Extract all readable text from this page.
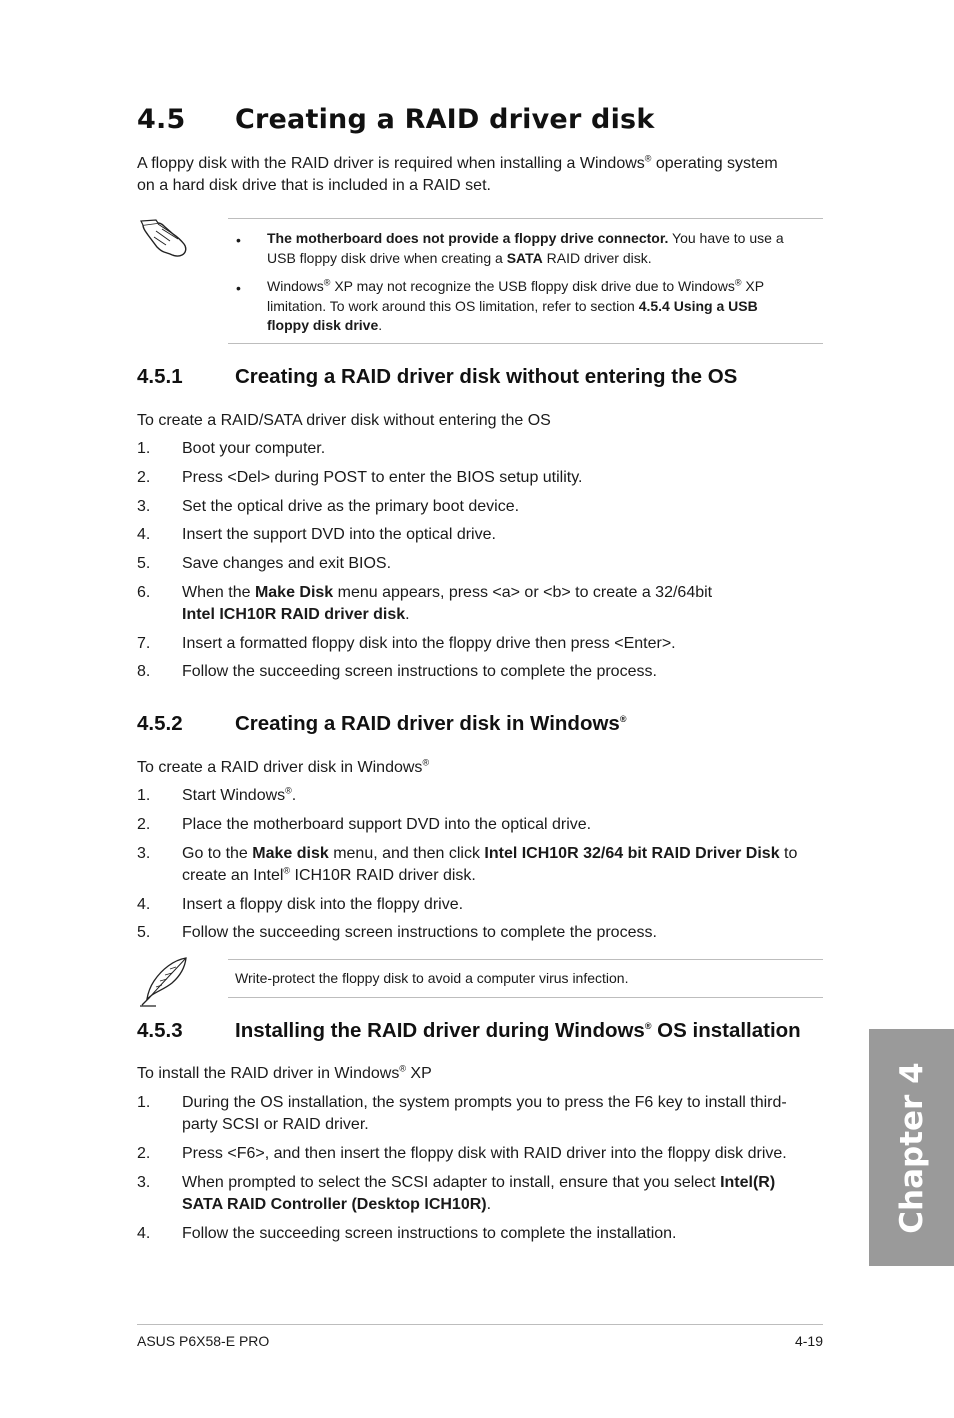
4.5 Creating a RAID driver disk
A floppy disk with the RAID driver is required when installing a Windows® operating system
on a hard disk drive that is included in a RAID set.
• The motherboard does not provide a floppy drive connector. You have to use a
USB floppy disk drive when creating a SATA RAID driver disk.
• Windows® XP may not recognize the USB floppy disk drive due to Windows® XP
limitation. To work around this OS limitation, refer to section 4.5.4 Using a USB
floppy disk drive.
4.5.1	Creating a RAID driver disk without entering the OS
To create a RAID/SATA driver disk without entering the OS
1. Boot your computer.
2. Press <Del> during POST to enter the BIOS setup utility.
3. Set the optical drive as the primary boot device.
4. Insert the support DVD into the optical drive.
5. Save changes and exit BIOS.
6. When the Make Disk menu appears, press <a> or <b> to create a 32/64bit
Intel ICH10R RAID driver disk.
7. Insert a formatted floppy disk into the floppy drive then press <Enter>.
8. Follow the succeeding screen instructions to complete the process.
4.5.2	Creating a RAID driver disk in Windows®
To create a RAID driver disk in Windows®
1. Start Windows®.
2. Place the motherboard support DVD into the optical drive.
3. Go to the Make disk menu, and then click Intel ICH10R 32/64 bit RAID Driver Disk to
create an Intel® ICH10R RAID driver disk.
4. Insert a floppy disk into the floppy drive.
5. Follow the succeeding screen instructions to complete the process.
Write-protect the floppy disk to avoid a computer virus infection.
4.5.3	Installing the RAID driver during Windows® OS installation
To install the RAID driver in Windows® XP
1. During the OS installation, the system prompts you to press the F6 key to install third-
party SCSI or RAID driver.
2. Press <F6>, and then insert the floppy disk with RAID driver into the floppy disk drive.
3. When prompted to select the SCSI adapter to install, ensure that you select Intel(R)
SATA RAID Controller (Desktop ICH10R).
4. Follow the succeeding screen instructions to complete the installation.
Chapter 4
ASUS P6X58-E PRO	4-19
